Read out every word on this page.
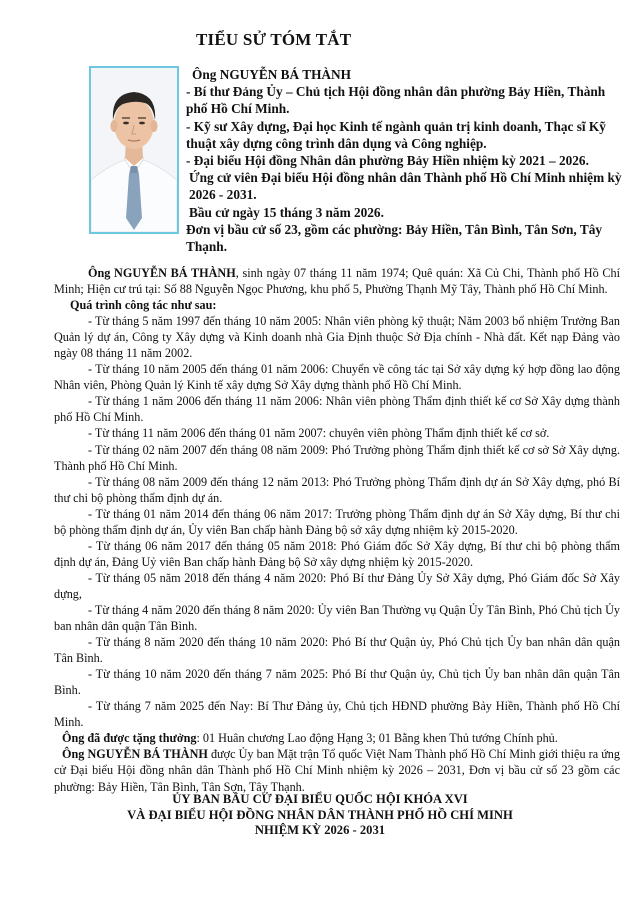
TIỂU SỬ TÓM TẮT

Ông NGUYỄN BÁ THÀNH

- Bí thư Đảng Ủy – Chủ tịch Hội đồng nhân dân phường Bảy Hiền, Thành phố Hồ Chí Minh.

- Kỹ sư Xây dựng, Đại học Kinh tế ngành quản trị kinh doanh, Thạc sĩ Kỹ thuật xây dựng công trình dân dụng và Công nghiệp.

- Đại biểu Hội đồng Nhân dân phường Bảy Hiền nhiệm kỳ 2021 – 2026.

Ứng cử viên Đại biểu Hội đồng nhân dân Thành phố Hồ Chí Minh nhiệm kỳ 2026 - 2031.

Bầu cử ngày 15 tháng 3 năm 2026.

Đơn vị bầu cử số 23, gồm các phường: Bảy Hiền, Tân Bình, Tân Sơn, Tây Thạnh.

Ông NGUYỄN BÁ THÀNH, sinh ngày 07 tháng 11 năm 1974; Quê quán: Xã Củ Chi, Thành phố Hồ Chí Minh; Hiện cư trú tại: Số 88 Nguyễn Ngọc Phương, khu phố 5, Phường Thạnh Mỹ Tây, Thành phố Hồ Chí Minh.

Quá trình công tác như sau:

- Từ tháng 5 năm 1997 đến tháng 10 năm 2005: Nhân viên phòng kỹ thuật; Năm 2003 bổ nhiệm Trưởng Ban Quản lý dự án, Công ty Xây dựng và Kinh doanh nhà Gia Định thuộc Sở Địa chính - Nhà đất. Kết nạp Đảng vào ngày 08 tháng 11 năm 2002.

- Từ tháng 10 năm 2005 đến tháng 01 năm 2006: Chuyển về công tác tại Sở xây dựng ký hợp đồng lao động Nhân viên, Phòng Quản lý Kinh tế xây dựng Sở Xây dựng thành phố Hồ Chí Minh.

- Từ tháng 1 năm 2006 đến tháng 11 năm 2006: Nhân viên phòng Thẩm định thiết kế cơ Sở Xây dựng thành phố Hồ Chí Minh.

- Từ tháng 11 năm 2006 đến tháng 01 năm 2007: chuyên viên phòng Thẩm định thiết kế cơ sở.

- Từ tháng 02 năm 2007 đến tháng 08 năm 2009: Phó Trưởng phòng Thẩm định thiết kế cơ sở Sở Xây dựng. Thành phố Hồ Chí Minh.

- Từ tháng 08 năm 2009 đến tháng 12 năm 2013: Phó Trưởng phòng Thẩm định dự án Sở Xây dựng, phó Bí thư chi bộ phòng thẩm định dự án.

- Từ tháng 01 năm 2014 đến tháng 06 năm 2017: Trưởng phòng Thẩm định dự án Sở Xây dựng, Bí thư chi bộ phòng thẩm định dự án, Ủy viên Ban chấp hành Đảng bộ sở xây dựng nhiệm kỳ 2015-2020.

- Từ tháng 06 năm 2017 đến tháng 05 năm 2018: Phó Giám đốc Sở Xây dựng, Bí thư chi bộ phòng thẩm định dự án, Đảng Uỷ viên Ban chấp hành Đảng bộ Sở xây dựng nhiệm kỳ 2015-2020.

- Từ tháng 05 năm 2018 đến tháng 4 năm 2020: Phó Bí thư Đảng Ủy Sở Xây dựng, Phó Giám đốc Sở Xây dựng,

- Từ tháng 4 năm 2020 đến tháng 8 năm 2020: Ủy viên Ban Thường vụ Quận Ủy Tân Bình, Phó Chủ tịch Ủy ban nhân dân quận Tân Bình.

- Từ tháng 8 năm 2020 đến tháng 10 năm 2020: Phó Bí thư Quận ủy, Phó Chủ tịch Ủy ban nhân dân quận Tân Bình.

- Từ tháng 10 năm 2020 đến tháng 7 năm 2025: Phó Bí thư Quận ủy, Chủ tịch Ủy ban nhân dân quận Tân Bình.

- Từ tháng 7 năm 2025 đến Nay: Bí Thư Đảng ủy, Chủ tịch HĐND phường Bảy Hiền, Thành phố Hồ Chí Minh.

Ông đã được tặng thưởng: 01 Huân chương Lao động Hạng 3; 01 Bằng khen Thủ tướng Chính phủ.

Ông NGUYỄN BÁ THÀNH được Ủy ban Mặt trận Tổ quốc Việt Nam Thành phố Hồ Chí Minh giới thiệu ra ứng cử Đại biểu Hội đồng nhân dân Thành phố Hồ Chí Minh nhiệm kỳ 2026 – 2031, Đơn vị bầu cử số 23 gồm các phường: Bảy Hiền, Tân Bình, Tân Sơn, Tây Thạnh.

ỦY BAN BẦU CỬ ĐẠI BIỂU QUỐC HỘI KHÓA XVI
VÀ ĐẠI BIỂU HỘI ĐỒNG NHÂN DÂN THÀNH PHỐ HỒ CHÍ MINH
NHIỆM KỲ 2026 - 2031
